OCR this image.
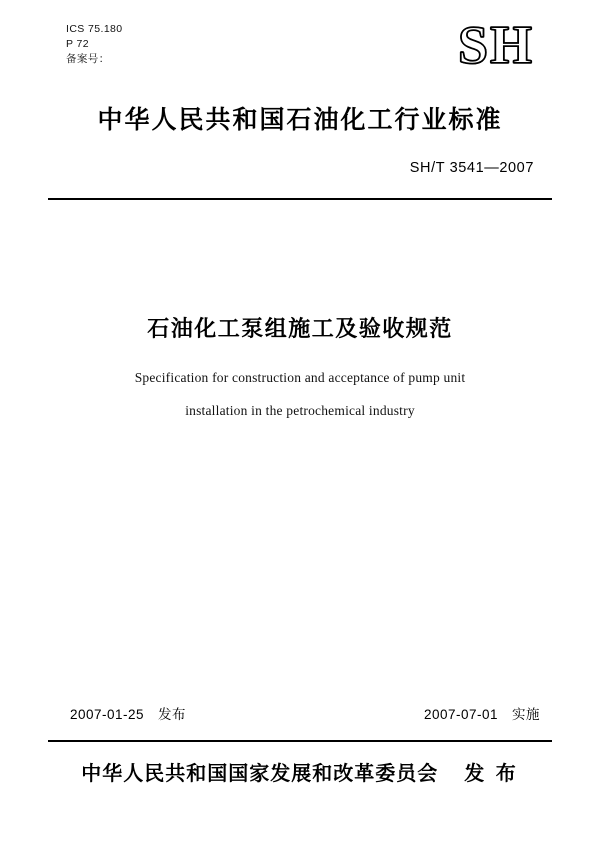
ICS 75.180
P 72
备案号：	SH
中华人民共和国石油化工行业标准
SH/T 3541—2007
石油化工泵组施工及验收规范
Specification for construction and acceptance of pump unit
installation in the petrochemical industry
2007-01-25　发布	2007-07-01　实施
中华人民共和国国家发展和改革委员会 发 布
